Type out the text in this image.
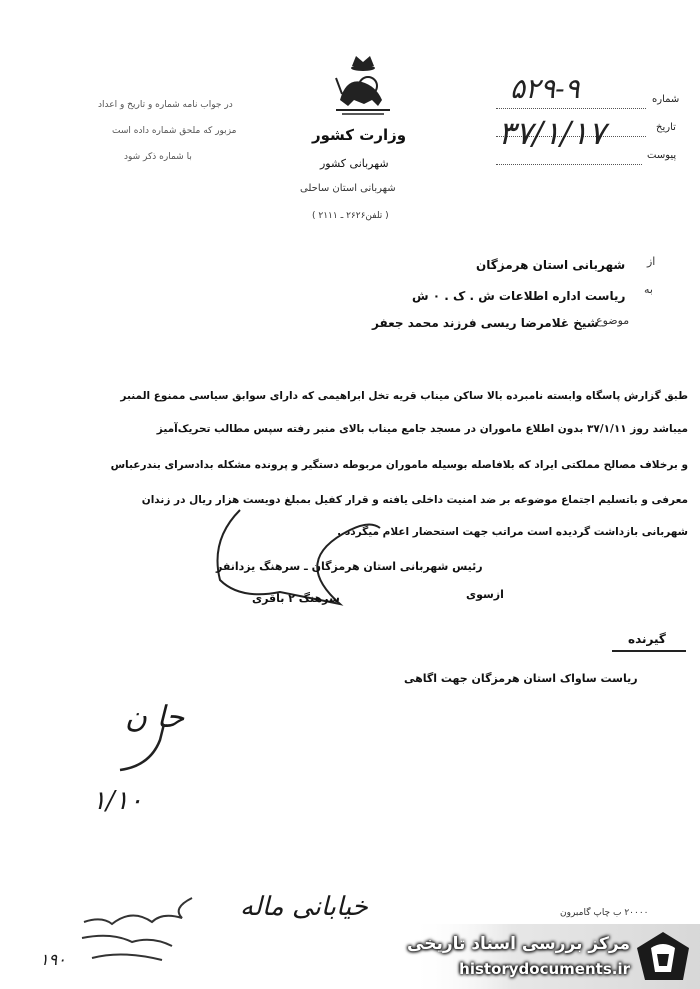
در جواب نامه شماره و تاریخ و اعداد
مزبور که ملحق شماره داده است
با شماره ذکر شود
وزارت کشور
شهربانی کشور
شهربانی استان ساحلی
( تلفن۲۶۲۶ ـ ۲۱۱۱ )
شماره
تاریخ
پیوست
۵۲۹-۹
۳۷/۱/۱۷
از
شهربانی استان هرمزگان
به
ریاست اداره اطلاعات ش . ک . ۰ ش
موضوع
شیخ غلامرضا ریسی فرزند محمد جعفر
طبق گزارش پاسگاه وابسته نامبرده بالا ساکن میناب قریه تخل ابراهیمی که دارای سوابق سیاسی ممنوع المنبر
میباشد روز ۳۷/۱/۱۱ بدون اطلاع ماموران در مسجد جامع میناب بالای منبر رفته سپس مطالب تحریک‌آمیز
و برخلاف مصالح مملکتی ایراد که بلافاصله بوسیله ماموران مربوطه دستگیر و پرونده مشکله بدادسرای بندرعباس
معرفی و باتسلیم اجتماع موضوعه بر ضد امنیت داخلی یافته و قرار کفیل بمبلغ دویست هزار ریال در زندان
شهربانی بازداشت گردیده است مراتب جهت استحضار اعلام میگردد .
رئیس شهربانی استان هرمزگان ـ سرهنگ یزدانفر
ازسوی
سرهنگ ۲ باقری
گیرنده
ریاست ساواک استان هرمزگان جهت اگاهی
حا ن
۱/۱۰
۲۰۰۰۰ ب چاپ گامبرون
خیابانی ماله
۱۹۰
مرکز بررسی اسناد تاریخی
historydocuments.ir
